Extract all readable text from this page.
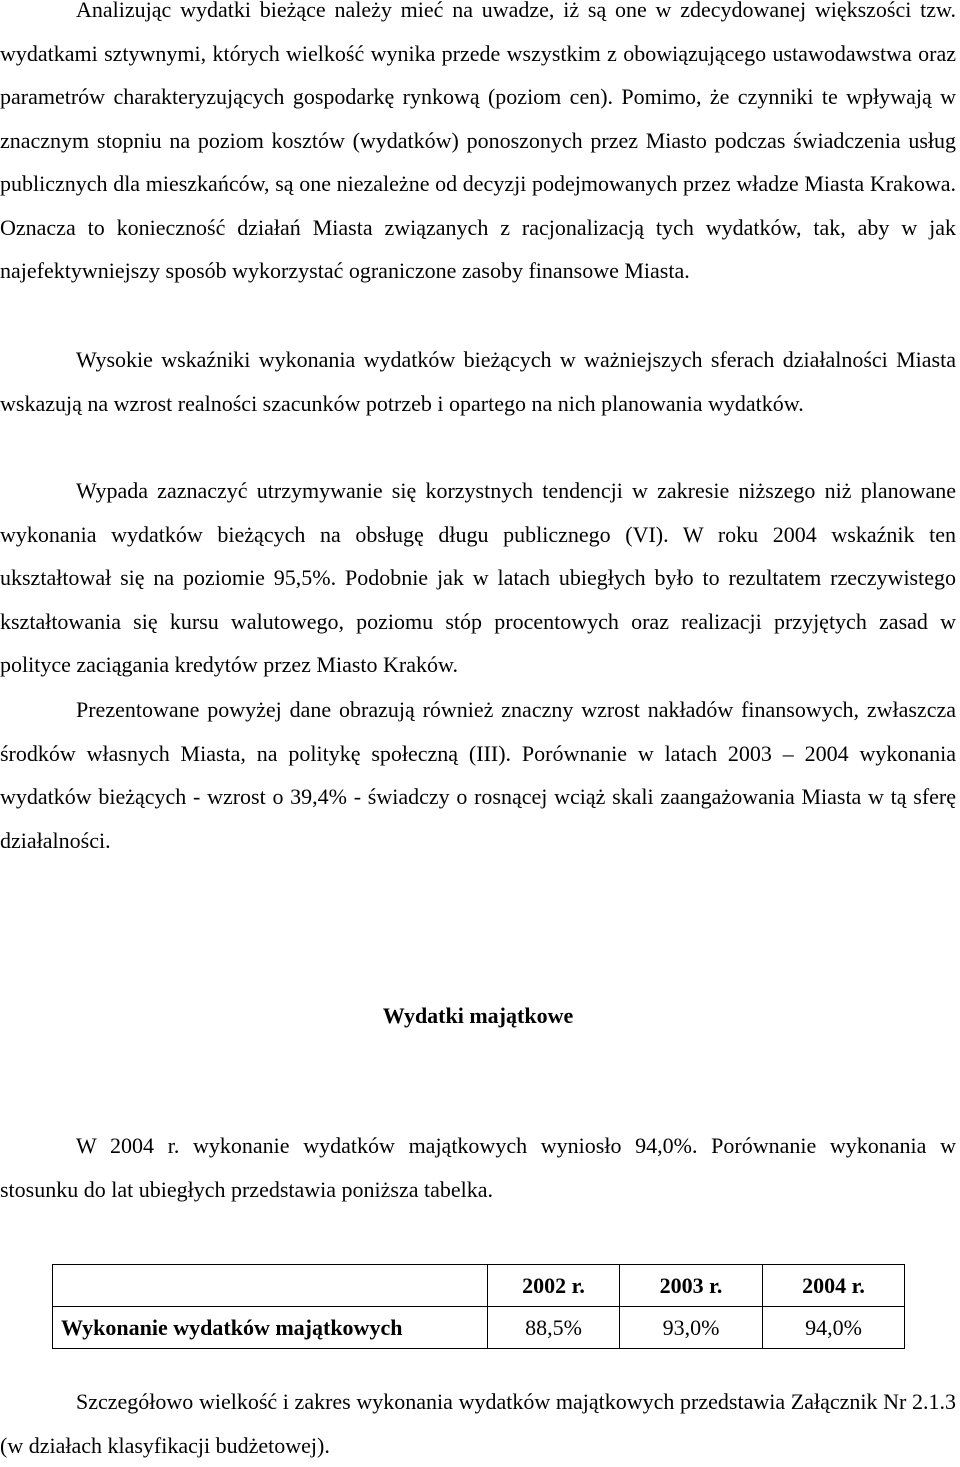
Analizując wydatki bieżące należy mieć na uwadze, iż są one w zdecydowanej większości tzw. wydatkami sztywnymi, których wielkość wynika przede wszystkim z obowiązującego ustawodawstwa oraz parametrów charakteryzujących gospodarkę rynkową (poziom cen). Pomimo, że czynniki te wpływają w znacznym stopniu na poziom kosztów (wydatków) ponoszonych przez Miasto podczas świadczenia usług publicznych dla mieszkańców, są one niezależne od decyzji podejmowanych przez władze Miasta Krakowa. Oznacza to konieczność działań Miasta związanych z racjonalizacją tych wydatków, tak, aby w jak najefektywniejszy sposób wykorzystać ograniczone zasoby finansowe Miasta.

Wysokie wskaźniki wykonania wydatków bieżących w ważniejszych sferach działalności Miasta wskazują na wzrost realności szacunków potrzeb i opartego na nich planowania wydatków.

Wypada zaznaczyć utrzymywanie się korzystnych tendencji w zakresie niższego niż planowane wykonania wydatków bieżących na obsługę długu publicznego (VI). W roku 2004 wskaźnik ten ukształtował się na poziomie 95,5%. Podobnie jak w latach ubiegłych było to rezultatem rzeczywistego kształtowania się kursu walutowego, poziomu stóp procentowych oraz realizacji przyjętych zasad w polityce zaciągania kredytów przez Miasto Kraków.

Prezentowane powyżej dane obrazują również znaczny wzrost nakładów finansowych, zwłaszcza środków własnych Miasta, na politykę społeczną (III). Porównanie w latach 2003 – 2004 wykonania wydatków bieżących - wzrost o 39,4% - świadczy o rosnącej wciąż skali zaangażowania Miasta w tą sferę działalności.

Wydatki majątkowe

W 2004 r. wykonanie wydatków majątkowych wyniosło 94,0%. Porównanie wykonania w stosunku do lat ubiegłych przedstawia poniższa tabelka.

	2002 r.	2003 r.	2004 r.
Wykonanie wydatków majątkowych	88,5%	93,0%	94,0%

Szczegółowo wielkość i zakres wykonania wydatków majątkowych przedstawia Załącznik Nr 2.1.3 (w działach klasyfikacji budżetowej).
